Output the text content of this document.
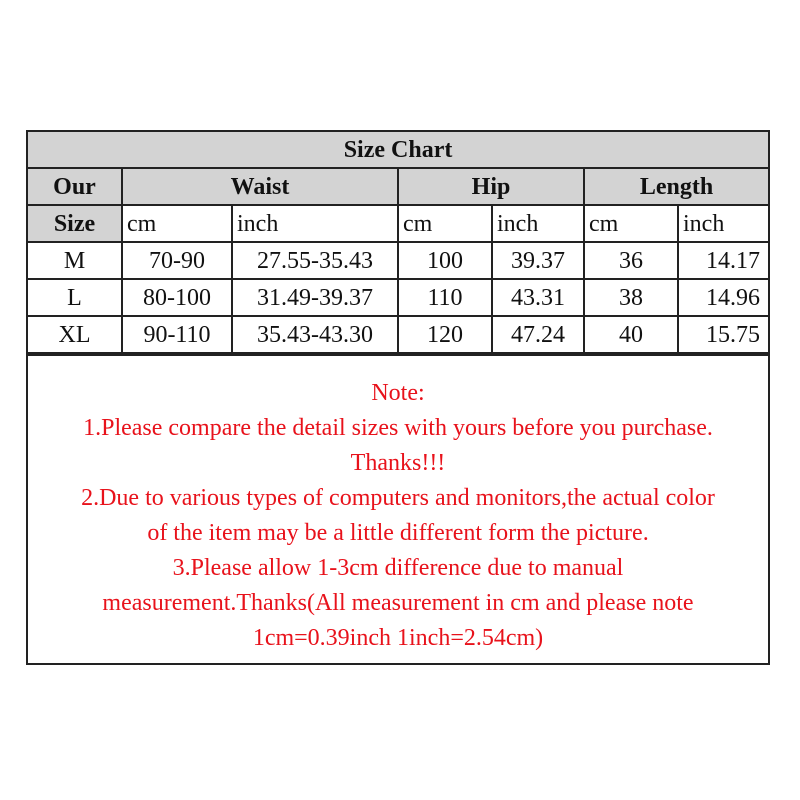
Size Chart						
Our	Waist		Hip		Length	
Size	cm	inch	cm	inch	cm	inch
M	70-90	27.55-35.43	100	39.37	36	14.17
L	80-100	31.49-39.37	110	43.31	38	14.96
XL	90-110	35.43-43.30	120	47.24	40	15.75
Note:
1.Please compare the detail sizes with yours before you purchase.
Thanks!!!
2.Due to various types of computers and monitors,the actual color
of the item may be a little different form the picture.
3.Please allow 1-3cm difference due to manual
measurement.Thanks(All measurement in cm and please note
1cm=0.39inch 1inch=2.54cm)
